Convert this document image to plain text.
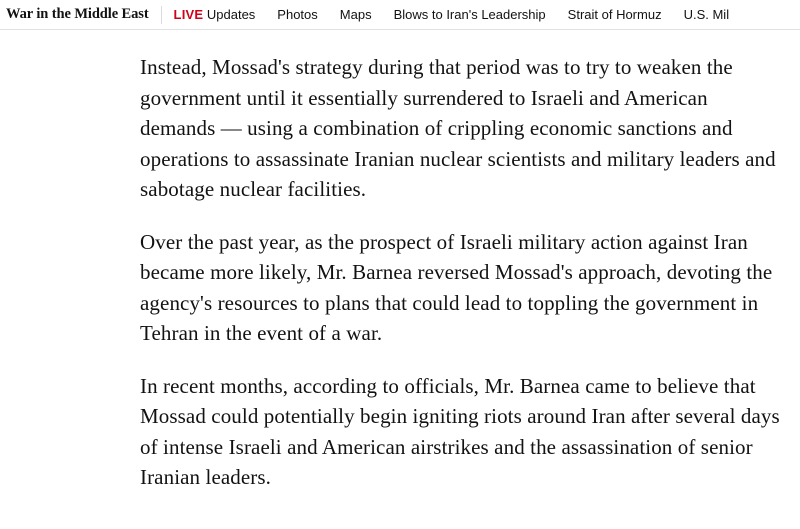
War in the Middle East	LIVE Updates	Photos	Maps	Blows to Iran's Leadership	Strait of Hormuz	U.S. Mil

Instead, Mossad's strategy during that period was to try to weaken the government until it essentially surrendered to Israeli and American demands — using a combination of crippling economic sanctions and operations to assassinate Iranian nuclear scientists and military leaders and sabotage nuclear facilities.

Over the past year, as the prospect of Israeli military action against Iran became more likely, Mr. Barnea reversed Mossad's approach, devoting the agency's resources to plans that could lead to toppling the government in Tehran in the event of a war.

In recent months, according to officials, Mr. Barnea came to believe that Mossad could potentially begin igniting riots around Iran after several days of intense Israeli and American airstrikes and the assassination of senior Iranian leaders.
